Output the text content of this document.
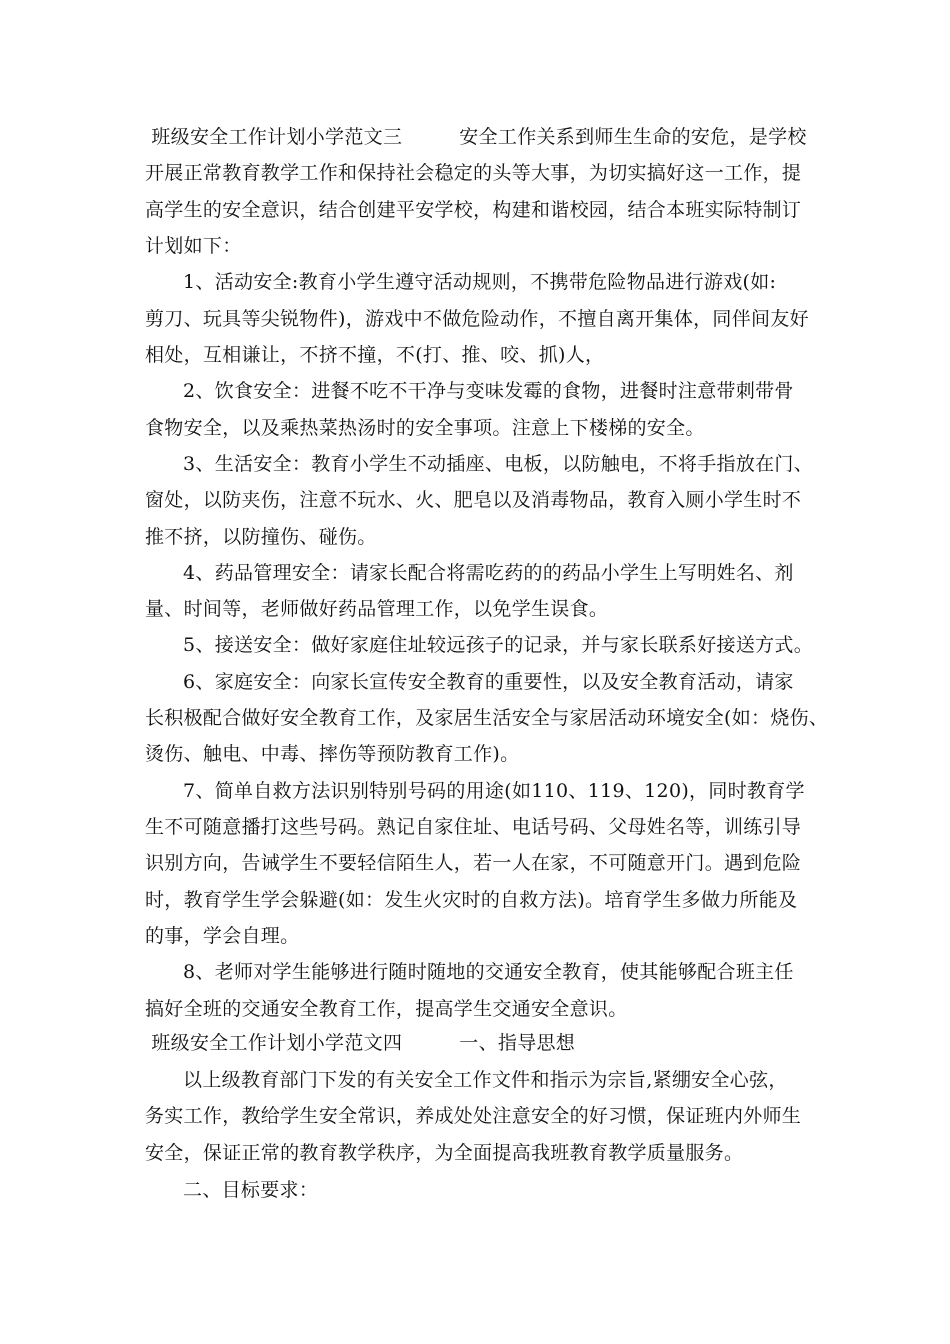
班级安全工作计划小学范文三         安全工作关系到师生生命的安危，是学校
开展正常教育教学工作和保持社会稳定的头等大事，为切实搞好这一工作，提
高学生的安全意识，结合创建平安学校，构建和谐校园，结合本班实际特制订
计划如下：
1、活动安全:教育小学生遵守活动规则，不携带危险物品进行游戏(如:
剪刀、玩具等尖锐物件)，游戏中不做危险动作，不擅自离开集体，同伴间友好
相处，互相谦让，不挤不撞，不(打、推、咬、抓)人，
2、饮食安全：进餐不吃不干净与变味发霉的食物，进餐时注意带刺带骨
食物安全，以及乘热菜热汤时的安全事项。注意上下楼梯的安全。
3、生活安全：教育小学生不动插座、电板，以防触电，不将手指放在门、
窗处，以防夹伤，注意不玩水、火、肥皂以及消毒物品，教育入厕小学生时不
推不挤，以防撞伤、碰伤。
4、药品管理安全：请家长配合将需吃药的的药品小学生上写明姓名、剂
量、时间等，老师做好药品管理工作，以免学生误食。
5、接送安全：做好家庭住址较远孩子的记录，并与家长联系好接送方式。
6、家庭安全：向家长宣传安全教育的重要性，以及安全教育活动，请家
长积极配合做好安全教育工作，及家居生活安全与家居活动环境安全(如：烧伤、
烫伤、触电、中毒、摔伤等预防教育工作)。
7、简单自救方法识别特别号码的用途(如110、119、120)，同时教育学
生不可随意播打这些号码。熟记自家住址、电话号码、父母姓名等，训练引导
识别方向，告诫学生不要轻信陌生人，若一人在家，不可随意开门。遇到危险
时，教育学生学会躲避(如：发生火灾时的自救方法)。培育学生多做力所能及
的事，学会自理。
8、老师对学生能够进行随时随地的交通安全教育，使其能够配合班主任
搞好全班的交通安全教育工作，提高学生交通安全意识。
班级安全工作计划小学范文四         一、指导思想
以上级教育部门下发的有关安全工作文件和指示为宗旨,紧绷安全心弦，
务实工作，教给学生安全常识，养成处处注意安全的好习惯，保证班内外师生
安全，保证正常的教育教学秩序，为全面提高我班教育教学质量服务。
二、目标要求：
